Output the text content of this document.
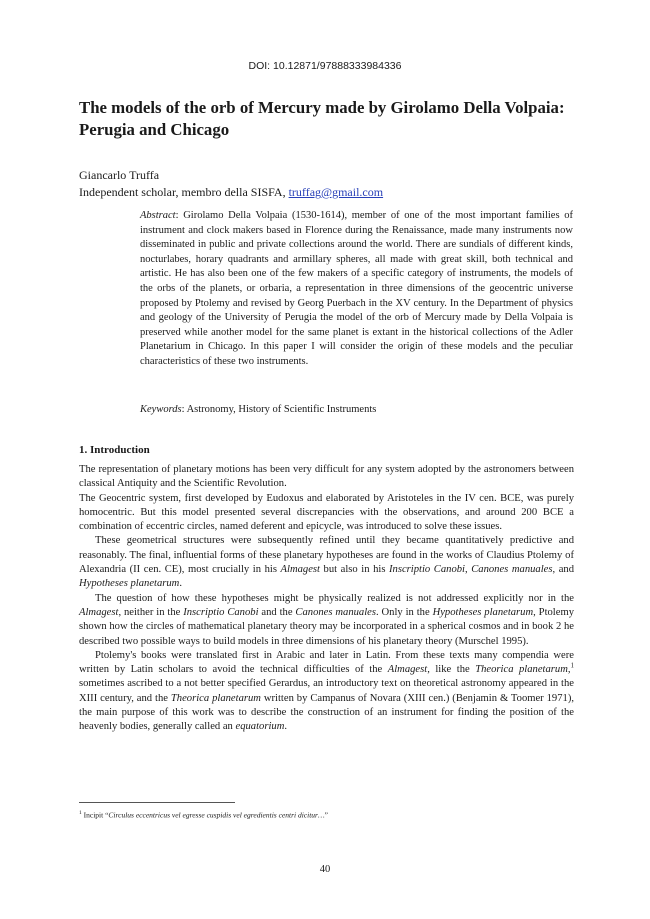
DOI: 10.12871/97888333984336
The models of the orb of Mercury made by Girolamo Della Volpaia: Perugia and Chicago
Giancarlo Truffa
Independent scholar, membro della SISFA, truffag@gmail.com

Abstract: Girolamo Della Volpaia (1530-1614), member of one of the most important families of instrument and clock makers based in Florence during the Renaissance, made many instruments now disseminated in public and private collections around the world. There are sundials of different kinds, nocturlabes, horary quadrants and armillary spheres, all made with great skill, both technical and artistic. He has also been one of the few makers of a specific category of instruments, the models of the orbs of the planets, or orbaria, a representation in three dimensions of the geocentric universe proposed by Ptolemy and revised by Georg Puerbach in the XV century. In the Department of physics and geology of the University of Perugia the model of the orb of Mercury made by Della Volpaia is preserved while another model for the same planet is extant in the historical collections of the Adler Planetarium in Chicago. In this paper I will consider the origin of these models and the peculiar characteristics of these two instruments.

Keywords: Astronomy, History of Scientific Instruments

1. Introduction

The representation of planetary motions has been very difficult for any system adopted by the astronomers between classical Antiquity and the Scientific Revolution.

The Geocentric system, first developed by Eudoxus and elaborated by Aristoteles in the IV cen. BCE, was purely homocentric. But this model presented several discrepancies with the observations, and around 200 BCE a combination of eccentric circles, named deferent and epicycle, was introduced to solve these issues.

These geometrical structures were subsequently refined until they became quantitatively predictive and reasonably. The final, influential forms of these planetary hypotheses are found in the works of Claudius Ptolemy of Alexandria (II cen. CE), most crucially in his Almagest but also in his Inscriptio Canobi, Canones manuales, and Hypotheses planetarum.

The question of how these hypotheses might be physically realized is not addressed explicitly nor in the Almagest, neither in the Inscriptio Canobi and the Canones manuales. Only in the Hypotheses planetarum, Ptolemy shown how the circles of mathematical planetary theory may be incorporated in a spherical cosmos and in book 2 he described two possible ways to build models in three dimensions of his planetary theory (Murschel 1995).

Ptolemy's books were translated first in Arabic and later in Latin. From these texts many compendia were written by Latin scholars to avoid the technical difficulties of the Almagest, like the Theorica planetarum,$^1$ sometimes ascribed to a not better specified Gerardus, an introductory text on theoretical astronomy appeared in the XIII century, and the Theorica planetarum written by Campanus of Novara (XIII cen.) (Benjamin & Toomer 1971), the main purpose of this work was to describe the construction of an instrument for finding the position of the heavenly bodies, generally called an equatorium.

$^1$ Incipit “Circulus eccentricus vel egresse cuspidis vel egredientis centri dicitur…”
40
